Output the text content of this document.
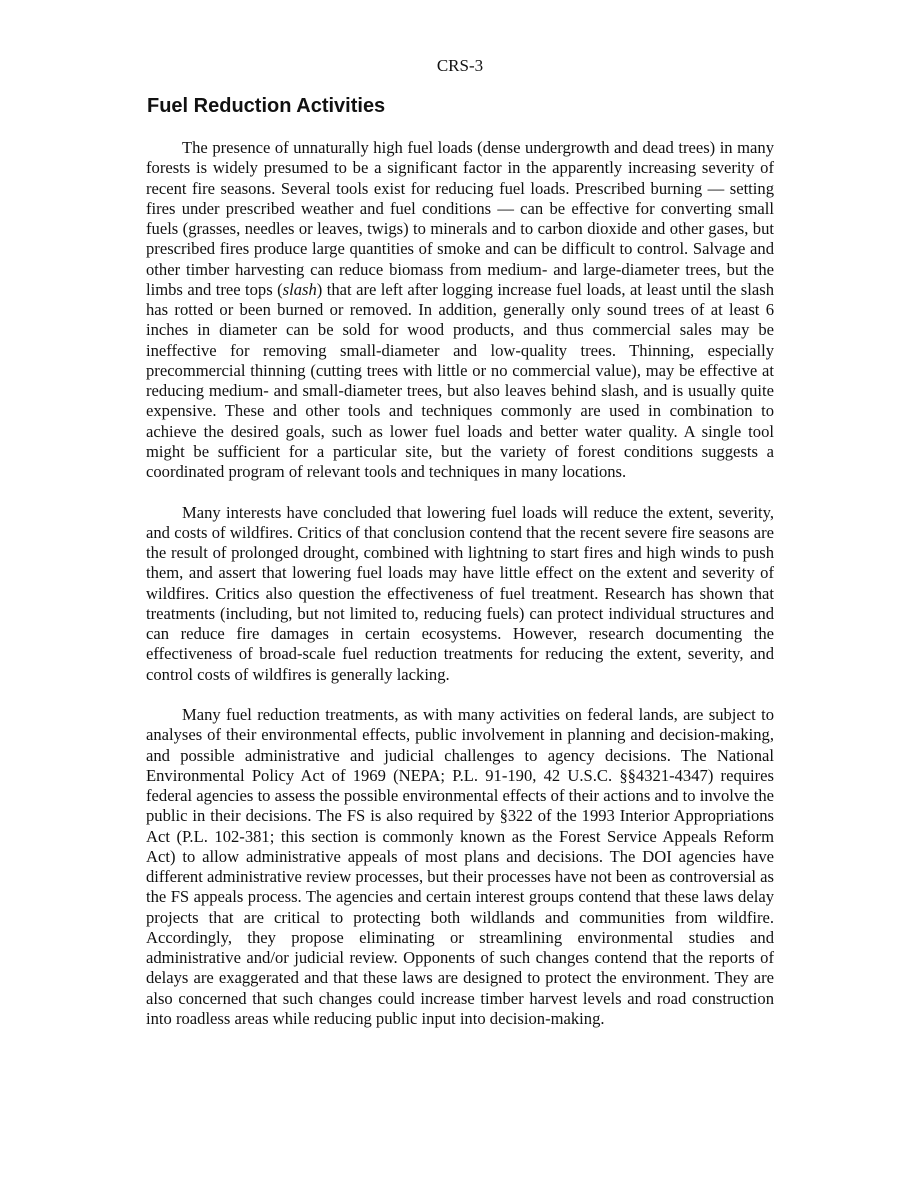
CRS-3
Fuel Reduction Activities

The presence of unnaturally high fuel loads (dense undergrowth and dead trees) in many forests is widely presumed to be a significant factor in the apparently increasing severity of recent fire seasons. Several tools exist for reducing fuel loads. Prescribed burning — setting fires under prescribed weather and fuel conditions — can be effective for converting small fuels (grasses, needles or leaves, twigs) to minerals and to carbon dioxide and other gases, but prescribed fires produce large quantities of smoke and can be difficult to control. Salvage and other timber harvesting can reduce biomass from medium- and large-diameter trees, but the limbs and tree tops (slash) that are left after logging increase fuel loads, at least until the slash has rotted or been burned or removed. In addition, generally only sound trees of at least 6 inches in diameter can be sold for wood products, and thus commercial sales may be ineffective for removing small-diameter and low-quality trees. Thinning, especially precommercial thinning (cutting trees with little or no commercial value), may be effective at reducing medium- and small-diameter trees, but also leaves behind slash, and is usually quite expensive. These and other tools and techniques commonly are used in combination to achieve the desired goals, such as lower fuel loads and better water quality. A single tool might be sufficient for a particular site, but the variety of forest conditions suggests a coordinated program of relevant tools and techniques in many locations.

Many interests have concluded that lowering fuel loads will reduce the extent, severity, and costs of wildfires. Critics of that conclusion contend that the recent severe fire seasons are the result of prolonged drought, combined with lightning to start fires and high winds to push them, and assert that lowering fuel loads may have little effect on the extent and severity of wildfires. Critics also question the effectiveness of fuel treatment. Research has shown that treatments (including, but not limited to, reducing fuels) can protect individual structures and can reduce fire damages in certain ecosystems. However, research documenting the effectiveness of broad-scale fuel reduction treatments for reducing the extent, severity, and control costs of wildfires is generally lacking.

Many fuel reduction treatments, as with many activities on federal lands, are subject to analyses of their environmental effects, public involvement in planning and decision-making, and possible administrative and judicial challenges to agency decisions. The National Environmental Policy Act of 1969 (NEPA; P.L. 91-190, 42 U.S.C. §§4321-4347) requires federal agencies to assess the possible environmental effects of their actions and to involve the public in their decisions. The FS is also required by §322 of the 1993 Interior Appropriations Act (P.L. 102-381; this section is commonly known as the Forest Service Appeals Reform Act) to allow administrative appeals of most plans and decisions. The DOI agencies have different administrative review processes, but their processes have not been as controversial as the FS appeals process. The agencies and certain interest groups contend that these laws delay projects that are critical to protecting both wildlands and communities from wildfire. Accordingly, they propose eliminating or streamlining environmental studies and administrative and/or judicial review. Opponents of such changes contend that the reports of delays are exaggerated and that these laws are designed to protect the environment. They are also concerned that such changes could increase timber harvest levels and road construction into roadless areas while reducing public input into decision-making.
